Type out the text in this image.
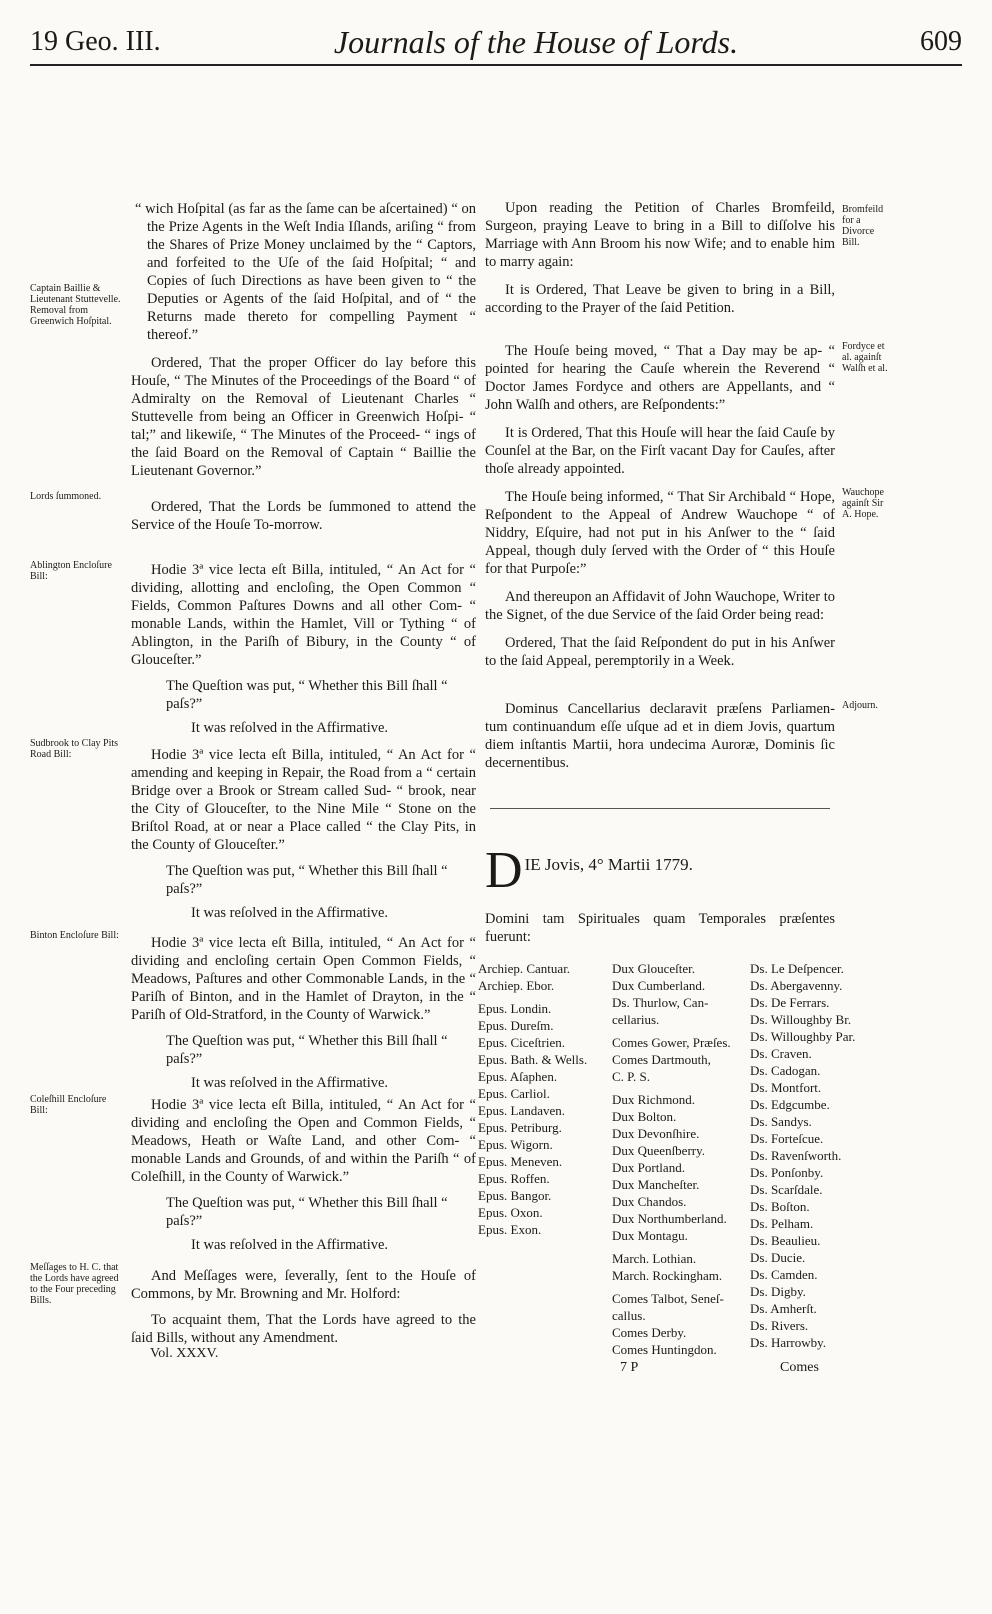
19 Geo. III.	Journals of the House of Lords.	609
Captain Baillie & Lieutenant Stuttevelle. Removal from Greenwich Hoſpital.
Lords ſummoned.
Ablington Encloſure Bill:
Sudbrook to Clay Pits Road Bill:
Binton Encloſure Bill:
Coleſhill Encloſure Bill:
Meſſages to H. C. that the Lords have agreed to the Four preceding Bills.

“ wich Hoſpital (as far as the ſame can be aſcertained) “ on the Prize Agents in the Weſt India Iſlands, ariſing “ from the Shares of Prize Money unclaimed by the “ Captors, and forfeited to the Uſe of the ſaid Hoſpital; “ and Copies of ſuch Directions as have been given to “ the Deputies or Agents of the ſaid Hoſpital, and of “ the Returns made thereto for compelling Payment “ thereof.”

Ordered, That the proper Officer do lay before this Houſe, “ The Minutes of the Proceedings of the Board “ of Admiralty on the Removal of Lieutenant Charles “ Stuttevelle from being an Officer in Greenwich Hoſpi- “ tal;” and likewiſe, “ The Minutes of the Proceed- “ ings of the ſaid Board on the Removal of Captain “ Baillie the Lieutenant Governor.”

Ordered, That the Lords be ſummoned to attend the Service of the Houſe To-morrow.

Hodie 3ª vice lecta eſt Billa, intituled, “ An Act for “ dividing, allotting and encloſing, the Open Common “ Fields, Common Paſtures Downs and all other Com- “ monable Lands, within the Hamlet, Vill or Tything “ of Ablington, in the Pariſh of Bibury, in the County “ of Glouceſter.”

The Queſtion was put, “ Whether this Bill ſhall “ paſs?”

It was reſolved in the Affirmative.

Hodie 3ª vice lecta eſt Billa, intituled, “ An Act for “ amending and keeping in Repair, the Road from a “ certain Bridge over a Brook or Stream called Sud- “ brook, near the City of Glouceſter, to the Nine Mile “ Stone on the Briſtol Road, at or near a Place called “ the Clay Pits, in the County of Glouceſter.”

The Queſtion was put, “ Whether this Bill ſhall “ paſs?”

It was reſolved in the Affirmative.

Hodie 3ª vice lecta eſt Billa, intituled, “ An Act for “ dividing and encloſing certain Open Common Fields, “ Meadows, Paſtures and other Commonable Lands, in the “ Pariſh of Binton, and in the Hamlet of Drayton, in the “ Pariſh of Old-Stratford, in the County of Warwick.”

The Queſtion was put, “ Whether this Bill ſhall “ paſs?”

It was reſolved in the Affirmative.

Hodie 3ª vice lecta eſt Billa, intituled, “ An Act for “ dividing and encloſing the Open and Common Fields, “ Meadows, Heath or Waſte Land, and other Com- “ monable Lands and Grounds, of and within the Pariſh “ of Coleſhill, in the County of Warwick.”

The Queſtion was put, “ Whether this Bill ſhall “ paſs?”

It was reſolved in the Affirmative.

And Meſſages were, ſeverally, ſent to the Houſe of Commons, by Mr. Browning and Mr. Holford:

To acquaint them, That the Lords have agreed to the ſaid Bills, without any Amendment.

Vol. XXXV.
Bromfeild for a Divorce Bill.
Fordyce et al. againſt Walſh et al.
Wauchope againſt Sir A. Hope.
Adjourn.

Upon reading the Petition of Charles Bromfeild, Surgeon, praying Leave to bring in a Bill to diſſolve his Marriage with Ann Broom his now Wife; and to enable him to marry again:

It is Ordered, That Leave be given to bring in a Bill, according to the Prayer of the ſaid Petition.

The Houſe being moved, “ That a Day may be ap- “ pointed for hearing the Cauſe wherein the Reverend “ Doctor James Fordyce and others are Appellants, and “ John Walſh and others, are Reſpondents:”

It is Ordered, That this Houſe will hear the ſaid Cauſe by Counſel at the Bar, on the Firſt vacant Day for Cauſes, after thoſe already appointed.

The Houſe being informed, “ That Sir Archibald “ Hope, Reſpondent to the Appeal of Andrew Wauchope “ of Niddry, Eſquire, had not put in his Anſwer to the “ ſaid Appeal, though duly ſerved with the Order of “ this Houſe for that Purpoſe:”

And thereupon an Affidavit of John Wauchope, Writer to the Signet, of the due Service of the ſaid Order being read:

Ordered, That the ſaid Reſpondent do put in his Anſwer to the ſaid Appeal, peremptorily in a Week.

Dominus Cancellarius declaravit præſens Parliamen- tum continuandum eſſe uſque ad et in diem Jovis, quartum diem inſtantis Martii, hora undecima Auroræ, Dominis ſic decernentibus.

D IE Jovis, 4° Martii 1779.

Domini tam Spirituales quam Temporales præſentes fuerunt:

Archiep. Cantuar.
Archiep. Ebor.

Epus. Londin.
Epus. Dureſm.
Epus. Ciceſtrien.
Epus. Bath. & Wells.
Epus. Aſaphen.
Epus. Carliol.
Epus. Landaven.
Epus. Petriburg.
Epus. Wigorn.
Epus. Meneven.
Epus. Roffen.
Epus. Bangor.
Epus. Oxon.
Epus. Exon.
Dux Glouceſter.
Dux Cumberland.
Ds. Thurlow, Can-
cellarius.

Comes Gower, Præſes.
Comes Dartmouth,
C. P. S.

Dux Richmond.
Dux Bolton.
Dux Devonſhire.
Dux Queenſberry.
Dux Portland.
Dux Mancheſter.
Dux Chandos.
Dux Northumberland.
Dux Montagu.

March. Lothian.
March. Rockingham.

Comes Talbot, Seneſ-
callus.
Comes Derby.
Comes Huntingdon.
Ds. Le Deſpencer.
Ds. Abergavenny.
Ds. De Ferrars.
Ds. Willoughby Br.
Ds. Willoughby Par.
Ds. Craven.
Ds. Cadogan.
Ds. Montfort.
Ds. Edgcumbe.
Ds. Sandys.
Ds. Forteſcue.
Ds. Ravenſworth.
Ds. Ponſonby.
Ds. Scarſdale.
Ds. Boſton.
Ds. Pelham.
Ds. Beaulieu.
Ds. Ducie.
Ds. Camden.
Ds. Digby.
Ds. Amherſt.
Ds. Rivers.
Ds. Harrowby.
7 P	Comes
